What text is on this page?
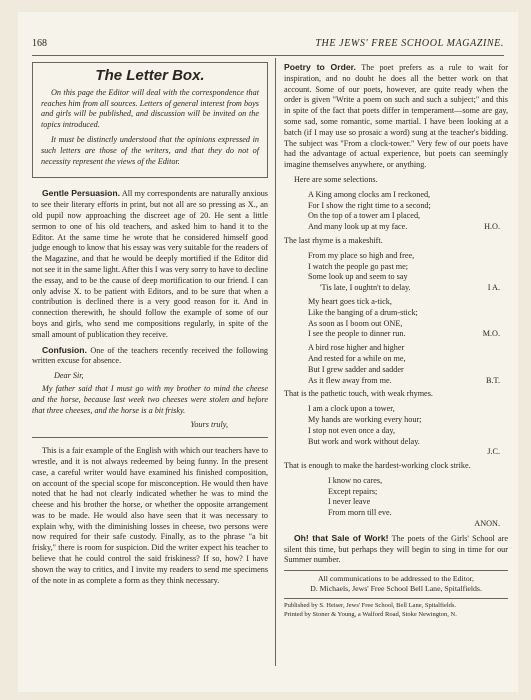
168	THE JEWS' FREE SCHOOL MAGAZINE.
The Letter Box.

On this page the Editor will deal with the correspondence that reaches him from all sources. Letters of general interest from boys and girls will be published, and discussion will be invited on the topics introduced.

It must be distinctly understood that the opinions expressed in such letters are those of the writers, and that they do not of necessity represent the views of the Editor.

Gentle Persuasion. All my correspondents are naturally anxious to see their literary efforts in print, but not all are so pressing as X., an old pupil now approaching the discreet age of 20. He sent a little sermon to one of his old teachers, and asked him to hand it to the Editor. At the same time he wrote that he considered himself good judge enough to know that his essay was very suitable for the readers of the Magazine, and that he would be deeply mortified if the Editor did not see it in the same light. After this I was very sorry to have to decline the essay, and to be the cause of deep mortification to our friend. I can only advise X. to be patient with Editors, and to be sure that when a contribution is declined there is a very good reason for it. And in connection therewith, he should follow the example of some of our boys and girls, who send me compositions regularly, in spite of the small amount of publication they receive.

Confusion. One of the teachers recently received the following written excuse for absence.

Dear Sir,

My father said that I must go with my brother to mind the cheese and the horse, because last week two cheeses were stolen and before that three cheeses, and the horse is a bit frisky.

Yours truly,

This is a fair example of the English with which our teachers have to wrestle, and it is not always redeemed by being funny. In the present case, a careful writer would have examined his finished composition, on account of the special scope for misconception. He would then have noted that he had not clearly indicated whether he was to mind the cheese and his brother the horse, or whether the opposite arrangement was to be made. He would also have seen that it was necessary to explain why, with the diminishing losses in cheese, two persons were now required for their safe custody. Finally, as to the phrase "a bit frisky," there is room for suspicion. Did the writer expect his teacher to believe that he could control the said friskiness? If so, how? I have shown the way to critics, and I invite my readers to send me specimens of the note in as complete a form as they think necessary.

Poetry to Order. The poet prefers as a rule to wait for inspiration, and no doubt he does all the better work on that account. Some of our poets, however, are quite ready when the order is given "Write a poem on such and such a subject;" and this in spite of the fact that poets differ in temperament—some are gay, some sad, some romantic, some martial. I have been looking at a batch (if I may use so prosaic a word) sung at the teacher's bidding. The subject was "From a clock-tower." Very few of our poets have had the advantage of actual experience, but poets can seemingly imagine themselves anywhere, or anything.

Here are some selections.

A King among clocks am I reckoned,
For I show the right time to a second;
On the top of a tower am I placed,
And many look up at my face.	H.O.

The last rhyme is a makeshift.

From my place so high and free,
I watch the people go past me;
Some look up and seem to say
'Tis late, I oughtn't to delay.	I A.
My heart goes tick a-tick,
Like the banging of a drum-stick;
As soon as I boom out ONE,
I see the people to dinner run.	M.O.
A bird rose higher and higher
And rested for a while on me,
But I grew sadder and sadder
As it flew away from me.	B.T.

That is the pathetic touch, with weak rhymes.

I am a clock upon a tower,
My hands are working every hour;
I stop not even once a day,
But work and work without delay.
J.C.

That is enough to make the hardest-working clock strike.

I know no cares,
Except repairs;
I never leave
From morn till eve.
ANON.

Oh! that Sale of Work! The poets of the Girls' School are silent this time, but perhaps they will begin to sing in time for our Summer number.

All communications to be addressed to the Editor,
D. Michaels, Jews' Free School Bell Lane, Spitalfields.
Published by S. Heiser, Jews' Free School, Bell Lane, Spitalfields.
Printed by Stoner & Young, a Walford Road, Stoke Newington, N.
